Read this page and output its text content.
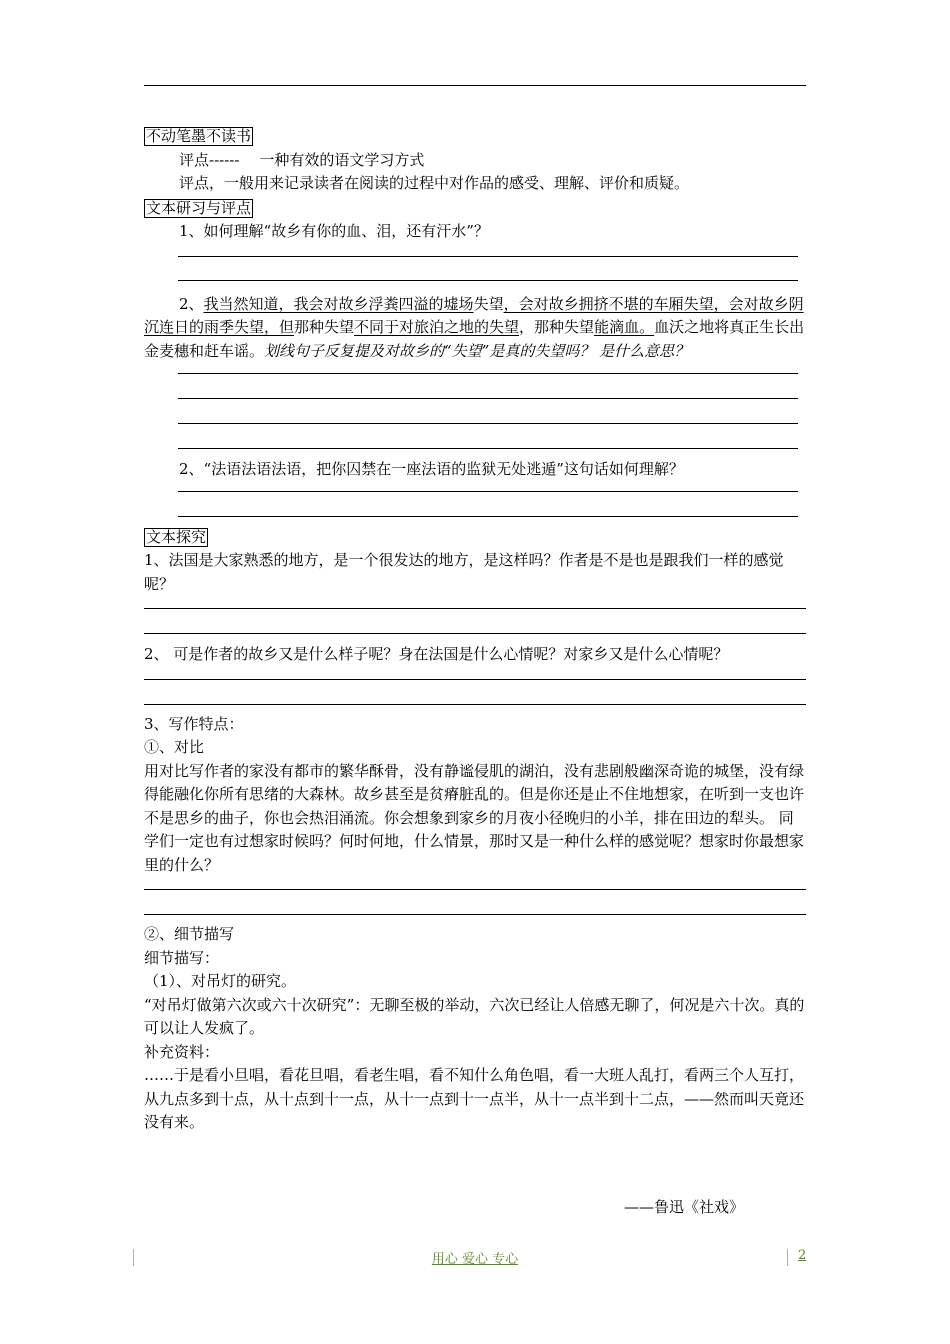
不动笔墨不读书

评点------ 一种有效的语文学习方式

评点，一般用来记录读者在阅读的过程中对作品的感受、理解、评价和质疑。

文本研习与评点

1、如何理解“故乡有你的血、泪，还有汗水”？

2、我当然知道，我会对故乡浮粪四溢的墟场失望，会对故乡拥挤不堪的车厢失望，会对故乡阴沉连日的雨季失望，但那种失望不同于对旅泊之地的失望，那种失望能滴血。血沃之地将真正生长出金麦穗和赶车谣。划线句子反复提及对故乡的“失望”是真的失望吗？ 是什么意思？

2、“法语法语法语，把你囚禁在一座法语的监狱无处逃遁”这句话如何理解？

文本探究

1、法国是大家熟悉的地方，是一个很发达的地方，是这样吗？作者是不是也是跟我们一样的感觉呢？

2、 可是作者的故乡又是什么样子呢？身在法国是什么心情呢？对家乡又是什么心情呢？

3、写作特点：

①、对比

用对比写作者的家没有都市的繁华酥骨，没有静谧侵肌的湖泊，没有悲剧般幽深奇诡的城堡，没有绿得能融化你所有思绪的大森林。故乡甚至是贫瘠脏乱的。但是你还是止不住地想家，在听到一支也许不是思乡的曲子，你也会热泪涌流。你会想象到家乡的月夜小径晚归的小羊，排在田边的犁头。 同学们一定也有过想家时候吗？何时何地，什么情景，那时又是一种什么样的感觉呢？想家时你最想家里的什么？

②、细节描写

细节描写：

（1）、对吊灯的研究。

“对吊灯做第六次或六十次研究”：无聊至极的举动，六次已经让人倍感无聊了，何况是六十次。真的可以让人发疯了。

补充资料：

……于是看小旦唱，看花旦唱，看老生唱，看不知什么角色唱，看一大班人乱打，看两三个人互打，从九点多到十点，从十点到十一点，从十一点到十一点半，从十一点半到十二点，——然而叫天竟还没有来。

——鲁迅《社戏》

用心 爱心 专心	2
